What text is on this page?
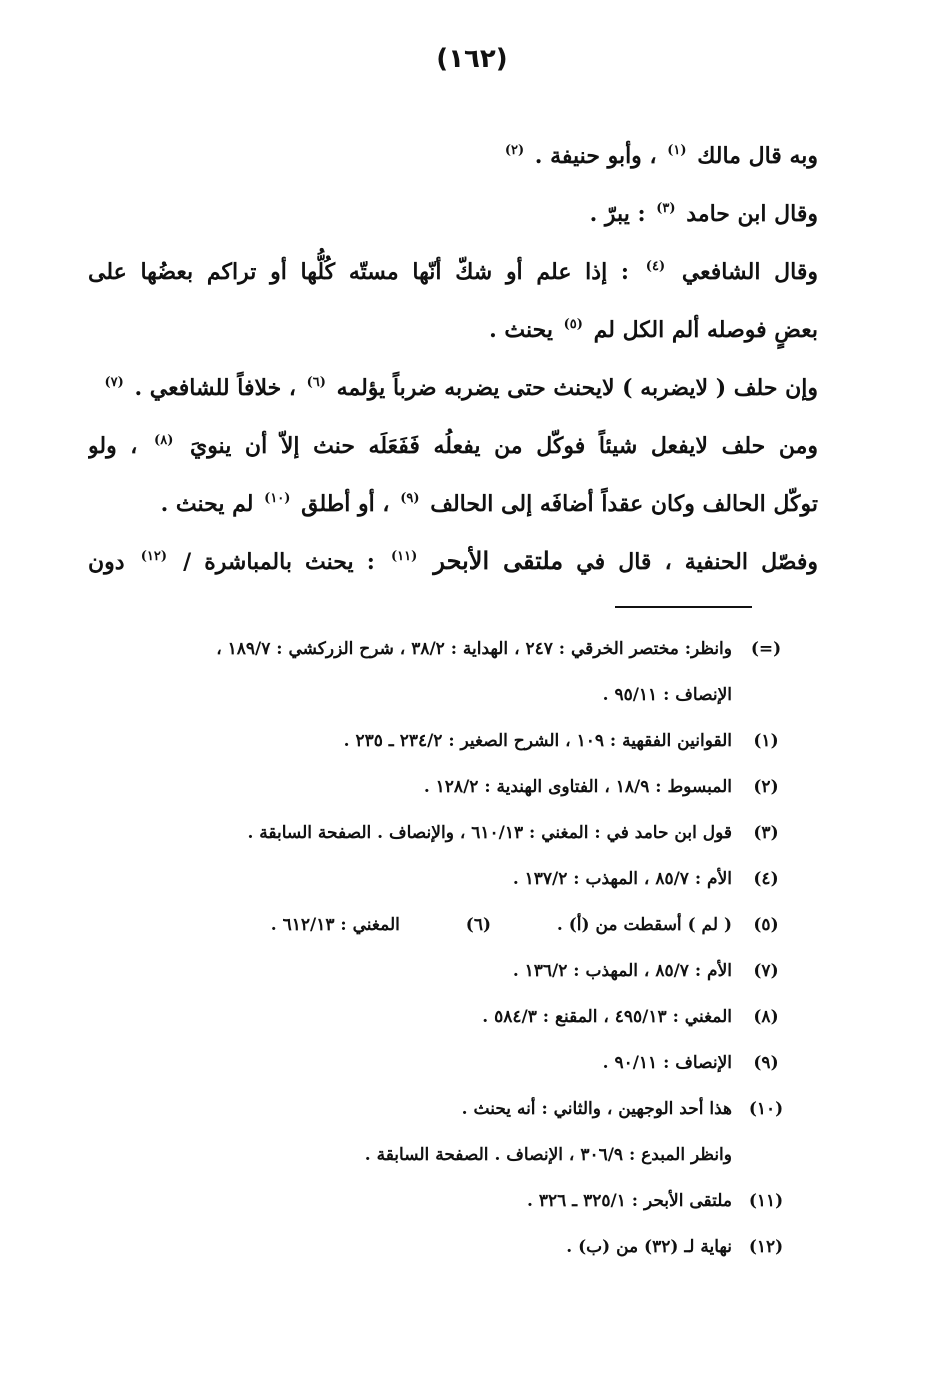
(١٦٢)
وبه قال مالك $^{(١)}$ ، وأبو حنيفة . $^{(٢)}$
وقال ابن حامد $^{(٣)}$ : يبرّ .
وقال الشافعي $^{(٤)}$ : إذا علم أو شكّ أنّها مستّه كُلُّها أو تراكم بعضُها على
بعضٍ فوصله ألم الكل لم $^{(٥)}$ يحنث .
وإن حلف ( لايضربه ) لايحنث حتى يضربه ضرباً يؤلمه $^{(٦)}$ ، خلافاً للشافعي . $^{(٧)}$
ومن حلف لايفعل شيئاً فوكّل من يفعلُه فَفَعَلَه حنث إلاّ أن ينويَ $^{(٨)}$ ، ولو
توكّل الحالف وكان عقداً أضافَه إلى الحالف $^{(٩)}$ ، أو أطلق $^{(١٠)}$ لم يحنث .
وفصّل الحنفية ، قال في ملتقى الأبحر $^{(١١)}$ : يحنث بالمباشرة / $^{(١٢)}$ دون
(=)
وانظر: مختصر الخرقي : ٢٤٧ ، الهداية : ٣٨/٢ ، شرح الزركشي : ١٨٩/٧ ،
الإنصاف : ٩٥/١١ .
(١)
القوانين الفقهية : ١٠٩ ، الشرح الصغير : ٢٣٤/٢ ـ ٢٣٥ .
(٢)
المبسوط : ١٨/٩ ، الفتاوى الهندية : ١٢٨/٢ .
(٣)
قول ابن حامد في : المغني : ٦١٠/١٣ ، والإنصاف . الصفحة السابقة .
(٤)
الأم : ٨٥/٧ ، المهذب : ١٣٧/٢ .
(٥)
( لم ) أسقطت من (أ) . (٦) المغني : ٦١٢/١٣ .
(٧)
الأم : ٨٥/٧ ، المهذب : ١٣٦/٢ .
(٨)
المغني : ٤٩٥/١٣ ، المقنع : ٥٨٤/٣ .
(٩)
الإنصاف : ٩٠/١١ .
(١٠)
هذا أحد الوجهين ، والثاني : أنه يحنث .
وانظر المبدع : ٣٠٦/٩ ، الإنصاف . الصفحة السابقة .
(١١)
ملتقى الأبحر : ٣٢٥/١ ـ ٣٢٦ .
(١٢)
نهاية لـ (٣٢) من (ب) .
